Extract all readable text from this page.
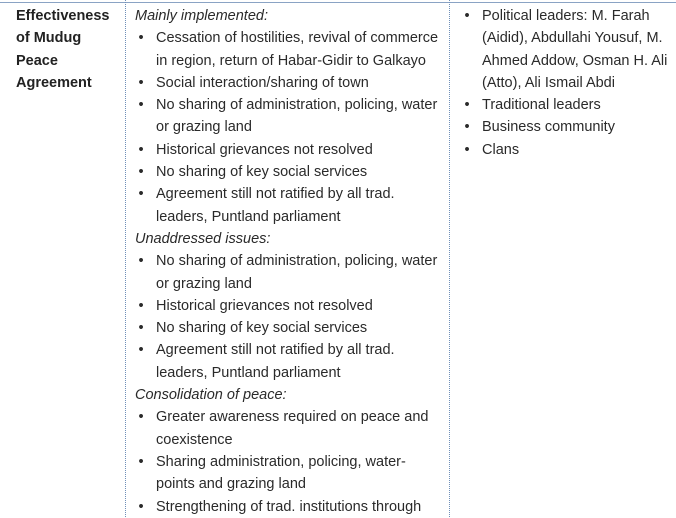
Effectiveness
of Mudug
Peace
Agreement
Mainly implemented:
• Cessation of hostilities, revival of commerce
in region, return of Habar-Gidir to Galkayo
• Social interaction/sharing of town
• No sharing of administration, policing, water
or grazing land
• Historical grievances not resolved
• No sharing of key social services
• Agreement still not ratified by all trad.
leaders, Puntland parliament
Unaddressed issues:
• No sharing of administration, policing, water
or grazing land
• Historical grievances not resolved
• No sharing of key social services
• Agreement still not ratified by all trad.
leaders, Puntland parliament
Consolidation of peace:
• Greater awareness required on peace and
coexistence
• Sharing administration, policing, water-
points and grazing land
• Strengthening of trad. institutions through
• Political leaders: M. Farah
(Aidid), Abdullahi Yousuf, M.
Ahmed Addow, Osman H. Ali
(Atto), Ali Ismail Abdi
• Traditional leaders
• Business community
• Clans
